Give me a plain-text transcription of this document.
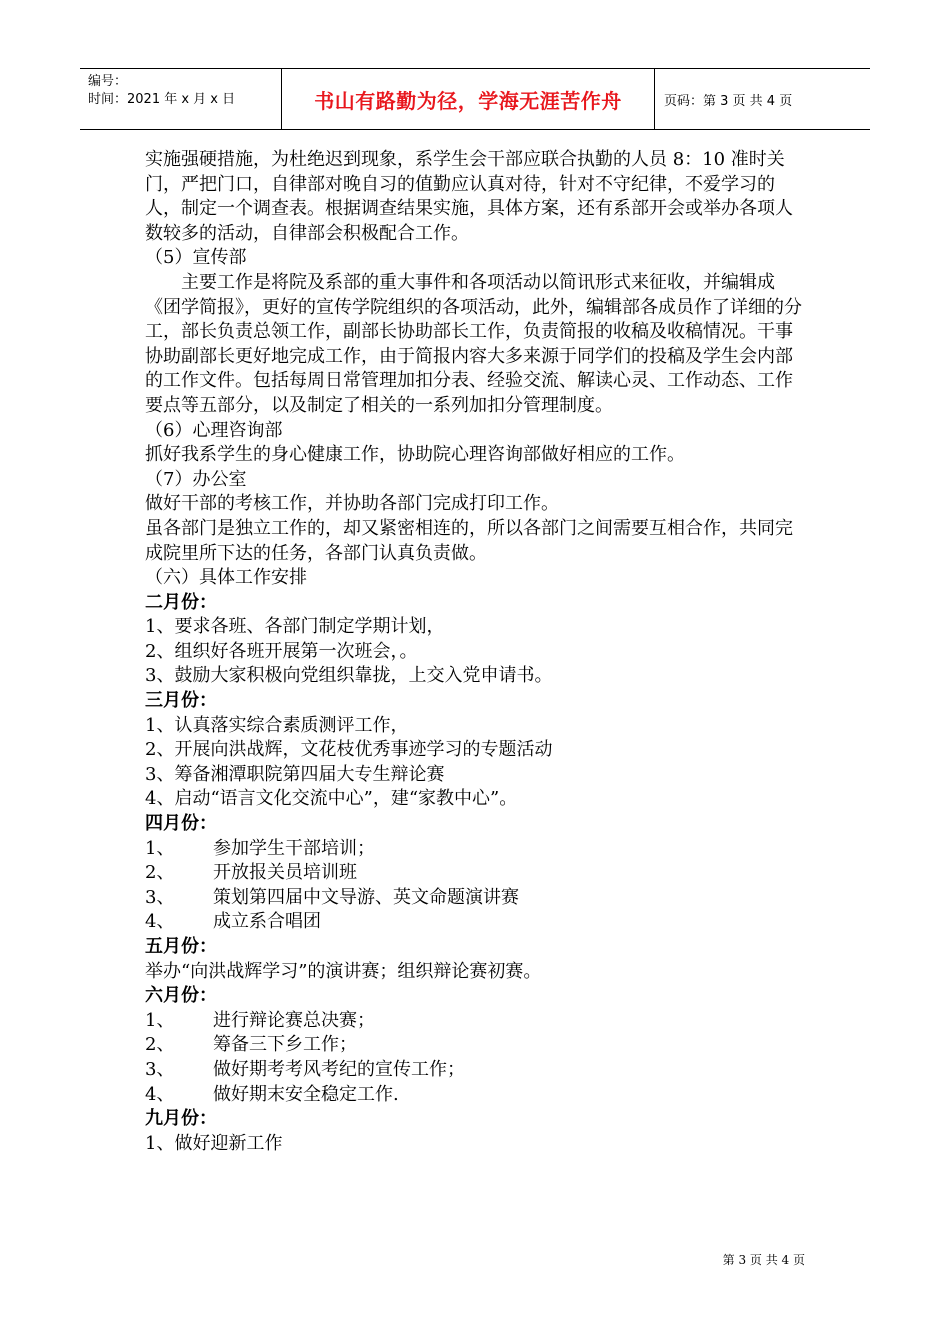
编号：
时间：2021 年 x 月 x 日	书山有路勤为径，学海无涯苦作舟	页码：第 3 页 共 4 页

实施强硬措施，为杜绝迟到现象，系学生会干部应联合执勤的人员 8：10 准时关门，严把门口，自律部对晚自习的值勤应认真对待，针对不守纪律，不爱学习的人，制定一个调查表。根据调查结果实施，具体方案，还有系部开会或举办各项人数较多的活动，自律部会积极配合工作。

（5）宣传部

主要工作是将院及系部的重大事件和各项活动以简讯形式来征收，并编辑成《团学简报》，更好的宣传学院组织的各项活动，此外，编辑部各成员作了详细的分工，部长负责总领工作，副部长协助部长工作，负责简报的收稿及收稿情况。干事协助副部长更好地完成工作，由于简报内容大多来源于同学们的投稿及学生会内部的工作文件。包括每周日常管理加扣分表、经验交流、解读心灵、工作动态、工作要点等五部分，以及制定了相关的一系列加扣分管理制度。

（6）心理咨询部

抓好我系学生的身心健康工作，协助院心理咨询部做好相应的工作。

（7）办公室

做好干部的考核工作，并协助各部门完成打印工作。

虽各部门是独立工作的，却又紧密相连的，所以各部门之间需要互相合作，共同完成院里所下达的任务，各部门认真负责做。

（六）具体工作安排

二月份：

1、要求各班、各部门制定学期计划，

2、组织好各班开展第一次班会，。

3、鼓励大家积极向党组织靠拢，上交入党申请书。

三月份：

1、认真落实综合素质测评工作，

2、开展向洪战辉，文花枝优秀事迹学习的专题活动

3、筹备湘潭职院第四届大专生辩论赛

4、启动“语言文化交流中心”，建“家教中心”。

四月份：

1、	参加学生干部培训；

2、	开放报关员培训班

3、	策划第四届中文导游、英文命题演讲赛

4、	成立系合唱团

五月份：

举办“向洪战辉学习”的演讲赛；组织辩论赛初赛。

六月份：

1、	进行辩论赛总决赛；

2、	筹备三下乡工作；

3、	做好期考考风考纪的宣传工作；

4、	做好期末安全稳定工作.

九月份：

1、做好迎新工作

第 3 页 共 4 页
